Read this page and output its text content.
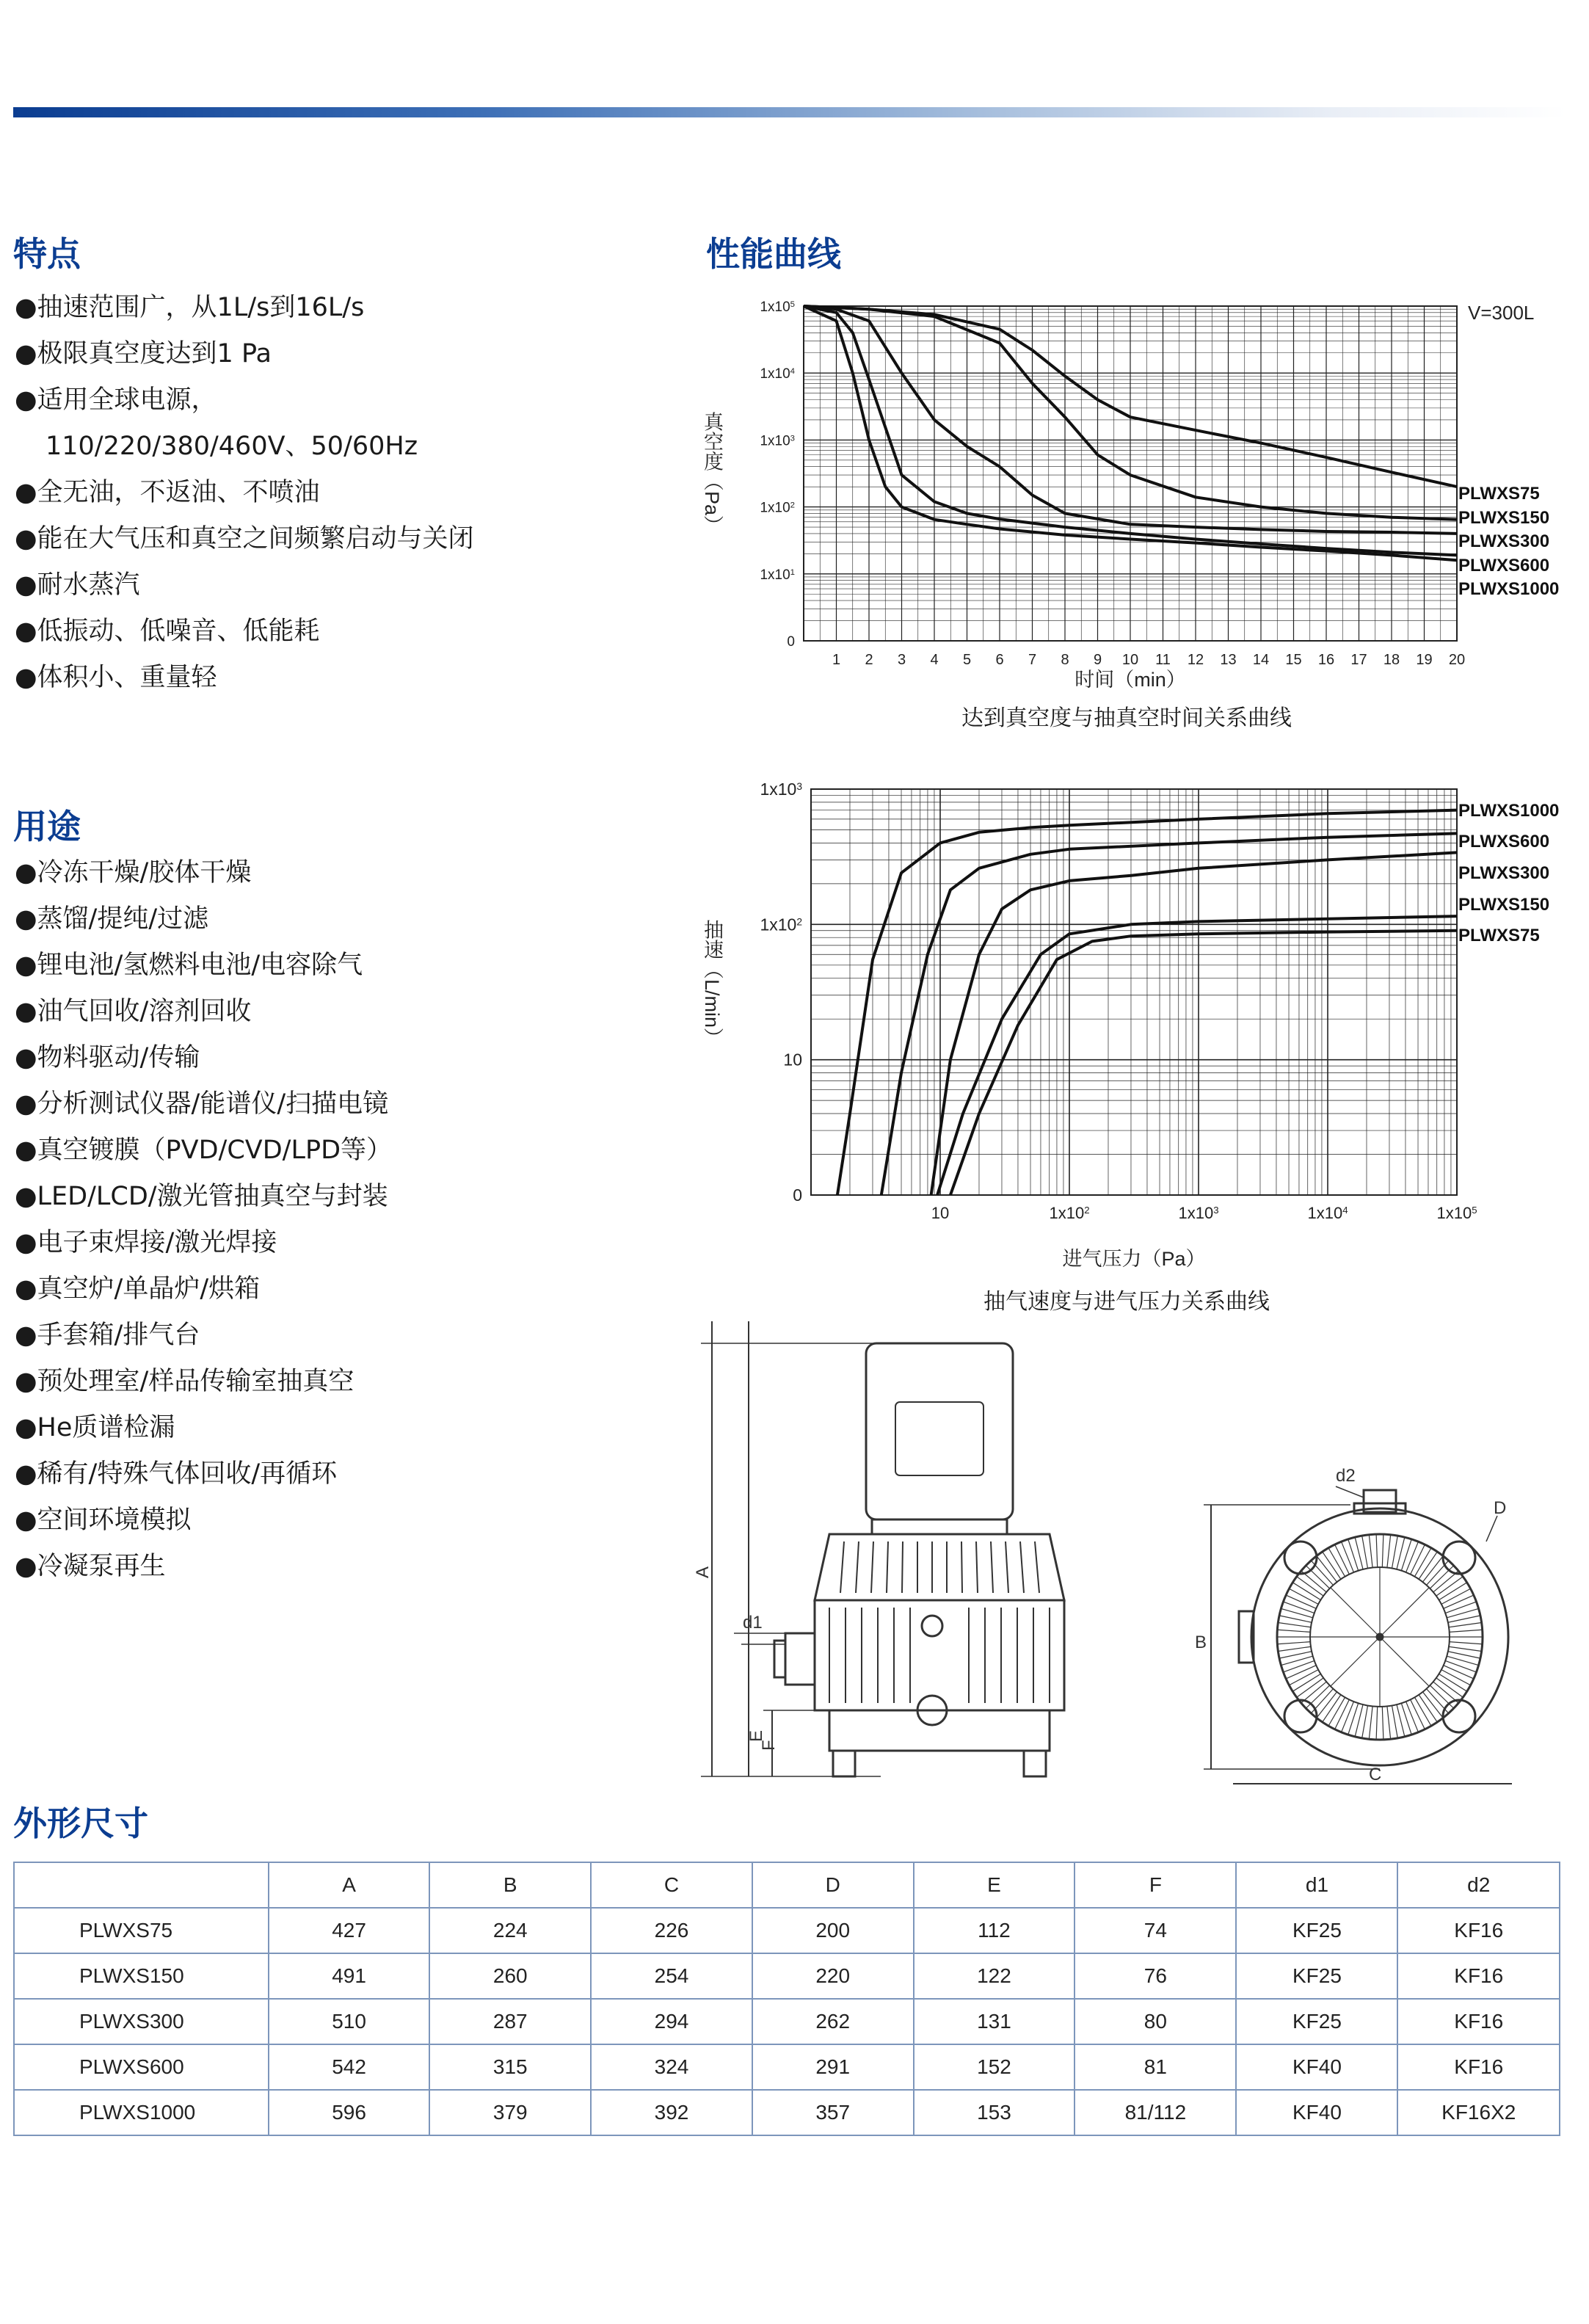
特点
●抽速范围广，从1L/s到16L/s
●极限真空度达到1 Pa
●适用全球电源，
110/220/380/460V、50/60Hz
●全无油，不返油、不喷油
●能在大气压和真空之间频繁启动与关闭
●耐水蒸汽
●低振动、低噪音、低能耗
●体积小、重量轻
用途
●冷冻干燥/胶体干燥
●蒸馏/提纯/过滤
●锂电池/氢燃料电池/电容除气
●油气回收/溶剂回收
●物料驱动/传输
●分析测试仪器/能谱仪/扫描电镜
●真空镀膜（PVD/CVD/LPD等）
●LED/LCD/激光管抽真空与封装
●电子束焊接/激光焊接
●真空炉/单晶炉/烘箱
●手套箱/排气台
●预处理室/样品传输室抽真空
●He质谱检漏
●稀有/特殊气体回收/再循环
●空间环境模拟
●冷凝泵再生
性能曲线
1 2 3 4 5 6 7 8 9 10 11 12 13 14 15 16 17 18 19 20
$1x10^5$
$1x10^4$
$1x10^3$
$1x10^2$
$1x10^1$
0
PLWXS75
PLWXS150
PLWXS300
PLWXS600
PLWXS1000
V=300L
时间（min）
真空度（Pa）
达到真空度与抽真空时间关系曲线
10	$1x10^2$	$1x10^3$	$1x10^4$	$1x10^5$
$1x10^3$
$1x10^2$
10
0
PLWXS1000
PLWXS600
PLWXS300
PLWXS150
PLWXS75
进气压力（Pa）
抽速（L/min）
抽气速度与进气压力关系曲线
A
E
F
d1
d2
D
B
C
外形尺寸
	A	B	C	D	E	F	d1	d2
PLWXS75	427	224	226	200	112	74	KF25	KF16
PLWXS150	491	260	254	220	122	76	KF25	KF16
PLWXS300	510	287	294	262	131	80	KF25	KF16
PLWXS600	542	315	324	291	152	81	KF40	KF16
PLWXS1000	596	379	392	357	153	81/112	KF40	KF16X2
